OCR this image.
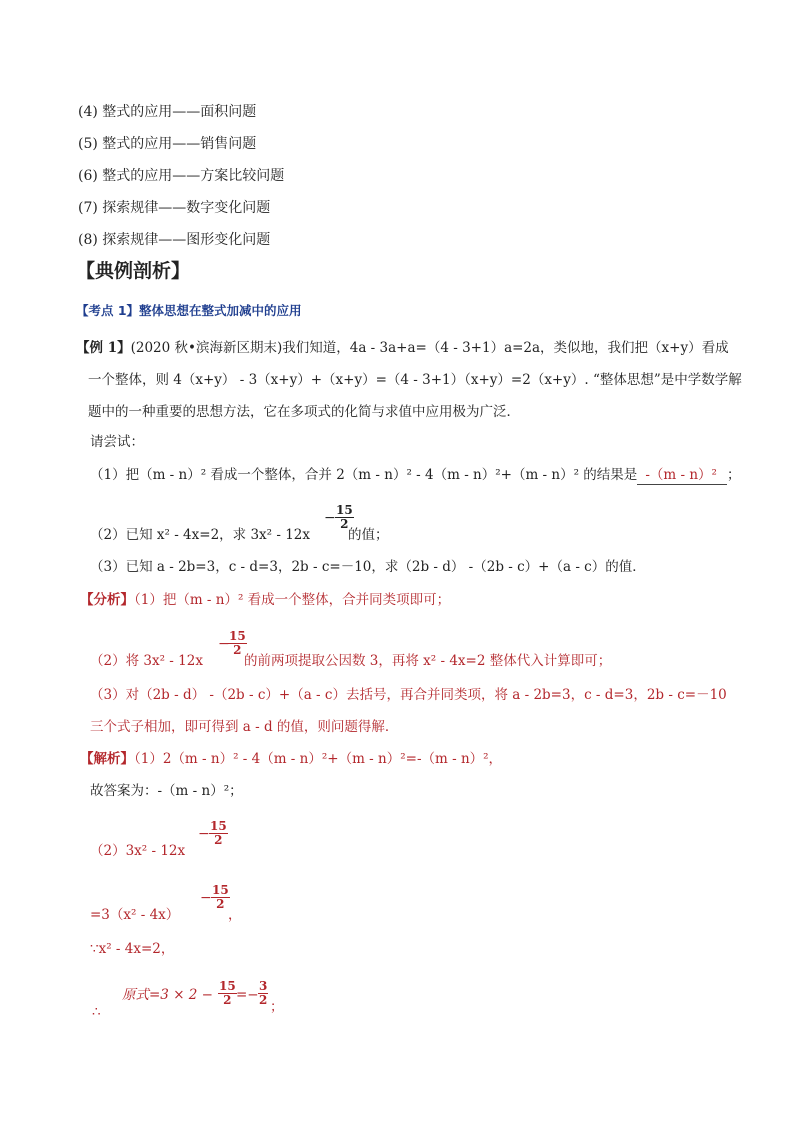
(4) 整式的应用——面积问题
(5) 整式的应用——销售问题
(6) 整式的应用——方案比较问题
(7) 探索规律——数字变化问题
(8) 探索规律——图形变化问题
【典例剖析】
【考点 1】整体思想在整式加减中的应用
【例 1】(2020 秋•滨海新区期末)我们知道，4a - 3a+a=（4 - 3+1）a=2a，类似地，我们把（x+y）看成
一个整体，则 4（x+y） - 3（x+y）+（x+y）=（4 - 3+1）（x+y）=2（x+y）. “整体思想”是中学数学解
题中的一种重要的思想方法，它在多项式的化简与求值中应用极为广泛．
请尝试：
（1）把（m - n）² 看成一个整体，合并 2（m - n）² - 4（m - n）²+（m - n）² 的结果是 -（m - n）² ；
（2）已知 x² - 4x=2，求 3x² - 12x
− $\frac{15}{2}$
的值；
（3）已知 a - 2b=3，c - d=3，2b - c=－10，求（2b - d） -（2b - c）+（a - c）的值．
【分析】（1）把（m - n）² 看成一个整体，合并同类项即可；
−
$\frac{15}{2}$
（2）将 3x² - 12x	的前两项提取公因数 3，再将 x² - 4x=2 整体代入计算即可；
（3）对（2b - d） -（2b - c）+（a - c）去括号，再合并同类项，将 a - 2b=3，c - d=3，2b - c=－10
三个式子相加，即可得到 a - d 的值，则问题得解．
【解析】（1）2（m - n）² - 4（m - n）²+（m - n）²=-（m - n）²，
故答案为：-（m - n）²；
（2）3x² - 12x
− $\frac{15}{2}$
=3（x² - 4x）
− $\frac{15}{2}$
，
∵x² - 4x=2，
原式$=3 \times 2 - \frac{15}{2} =- \frac{3}{2}$ ；
∴
